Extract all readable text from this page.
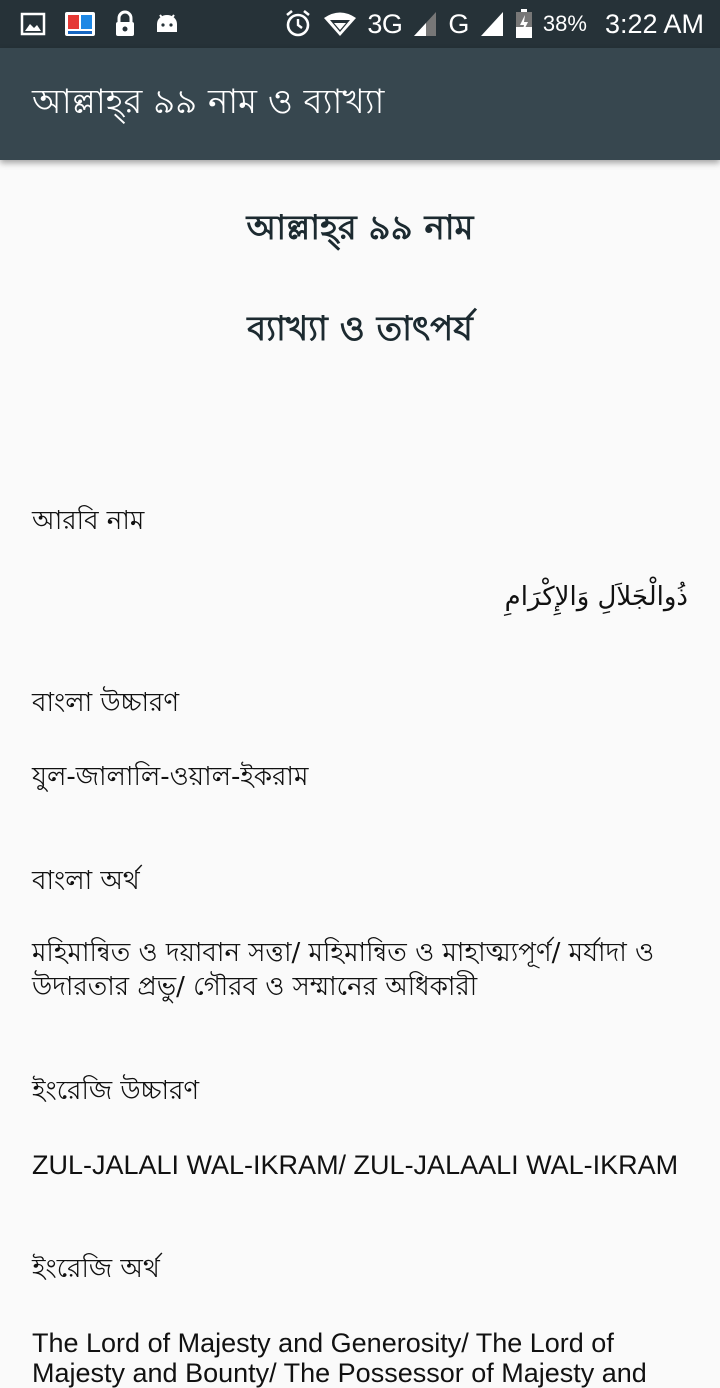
3G G	38% 3:22 AM
আল্লাহ্‌র ৯৯ নাম ও ব্যাখ্যা
আল্লাহ্‌র ৯৯ নাম
ব্যাখ্যা ও তাৎপর্য
আরবি নাম
ذُوالْجَلاَلِ وَالإِكْرَامِ
বাংলা উচ্চারণ
যুল-জালালি-ওয়াল-ইকরাম
বাংলা অর্থ
মহিমান্বিত ও দয়াবান সত্তা/ মহিমান্বিত ও মাহাত্ম্যপূর্ণ/ মর্যাদা ও উদারতার প্রভু/ গৌরব ও সম্মানের অধিকারী
ইংরেজি উচ্চারণ
ZUL-JALALI WAL-IKRAM/ ZUL-JALAALI WAL-IKRAM
ইংরেজি অর্থ
The Lord of Majesty and Generosity/ The Lord of Majesty and Bounty/ The Possessor of Majesty and
